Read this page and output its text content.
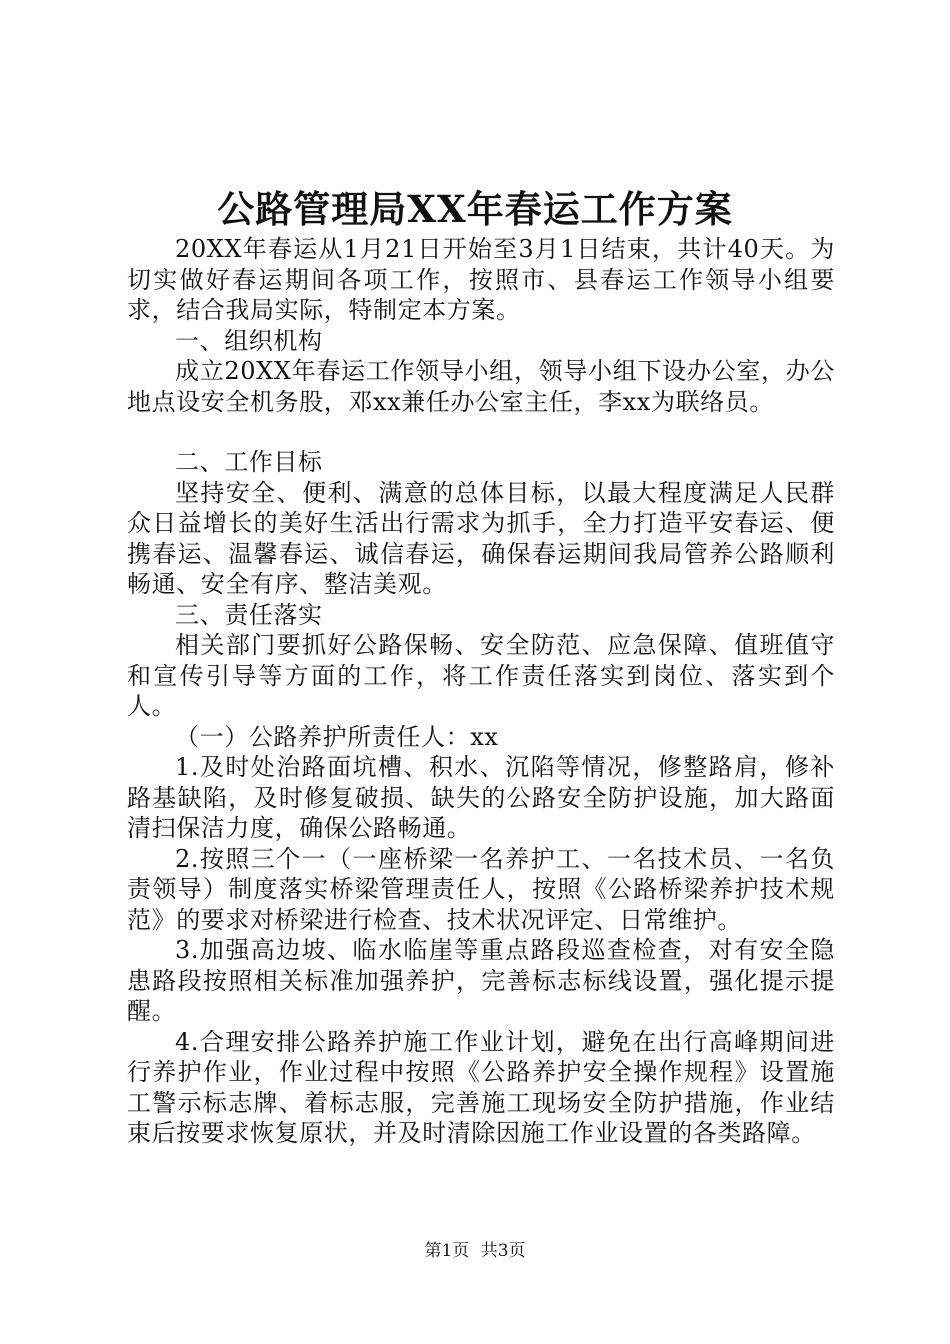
公路管理局XX年春运工作方案

20XX年春运从1月21日开始至3月1日结束，共计40天。为切实做好春运期间各项工作，按照市、县春运工作领导小组要求，结合我局实际，特制定本方案。

一、组织机构

成立20XX年春运工作领导小组，领导小组下设办公室，办公地点设安全机务股，邓xx兼任办公室主任，李xx为联络员。

二、工作目标

坚持安全、便利、满意的总体目标，以最大程度满足人民群众日益增长的美好生活出行需求为抓手，全力打造平安春运、便携春运、温馨春运、诚信春运，确保春运期间我局管养公路顺利畅通、安全有序、整洁美观。

三、责任落实

相关部门要抓好公路保畅、安全防范、应急保障、值班值守和宣传引导等方面的工作，将工作责任落实到岗位、落实到个人。

（一）公路养护所责任人：xx

1.及时处治路面坑槽、积水、沉陷等情况，修整路肩，修补路基缺陷，及时修复破损、缺失的公路安全防护设施，加大路面清扫保洁力度，确保公路畅通。

2.按照三个一（一座桥梁一名养护工、一名技术员、一名负责领导）制度落实桥梁管理责任人，按照《公路桥梁养护技术规范》的要求对桥梁进行检查、技术状况评定、日常维护。

3.加强高边坡、临水临崖等重点路段巡查检查，对有安全隐患路段按照相关标准加强养护，完善标志标线设置，强化提示提醒。

4.合理安排公路养护施工作业计划，避免在出行高峰期间进行养护作业，作业过程中按照《公路养护安全操作规程》设置施工警示标志牌、着标志服，完善施工现场安全防护措施，作业结束后按要求恢复原状，并及时清除因施工作业设置的各类路障。

第1页 共3页
